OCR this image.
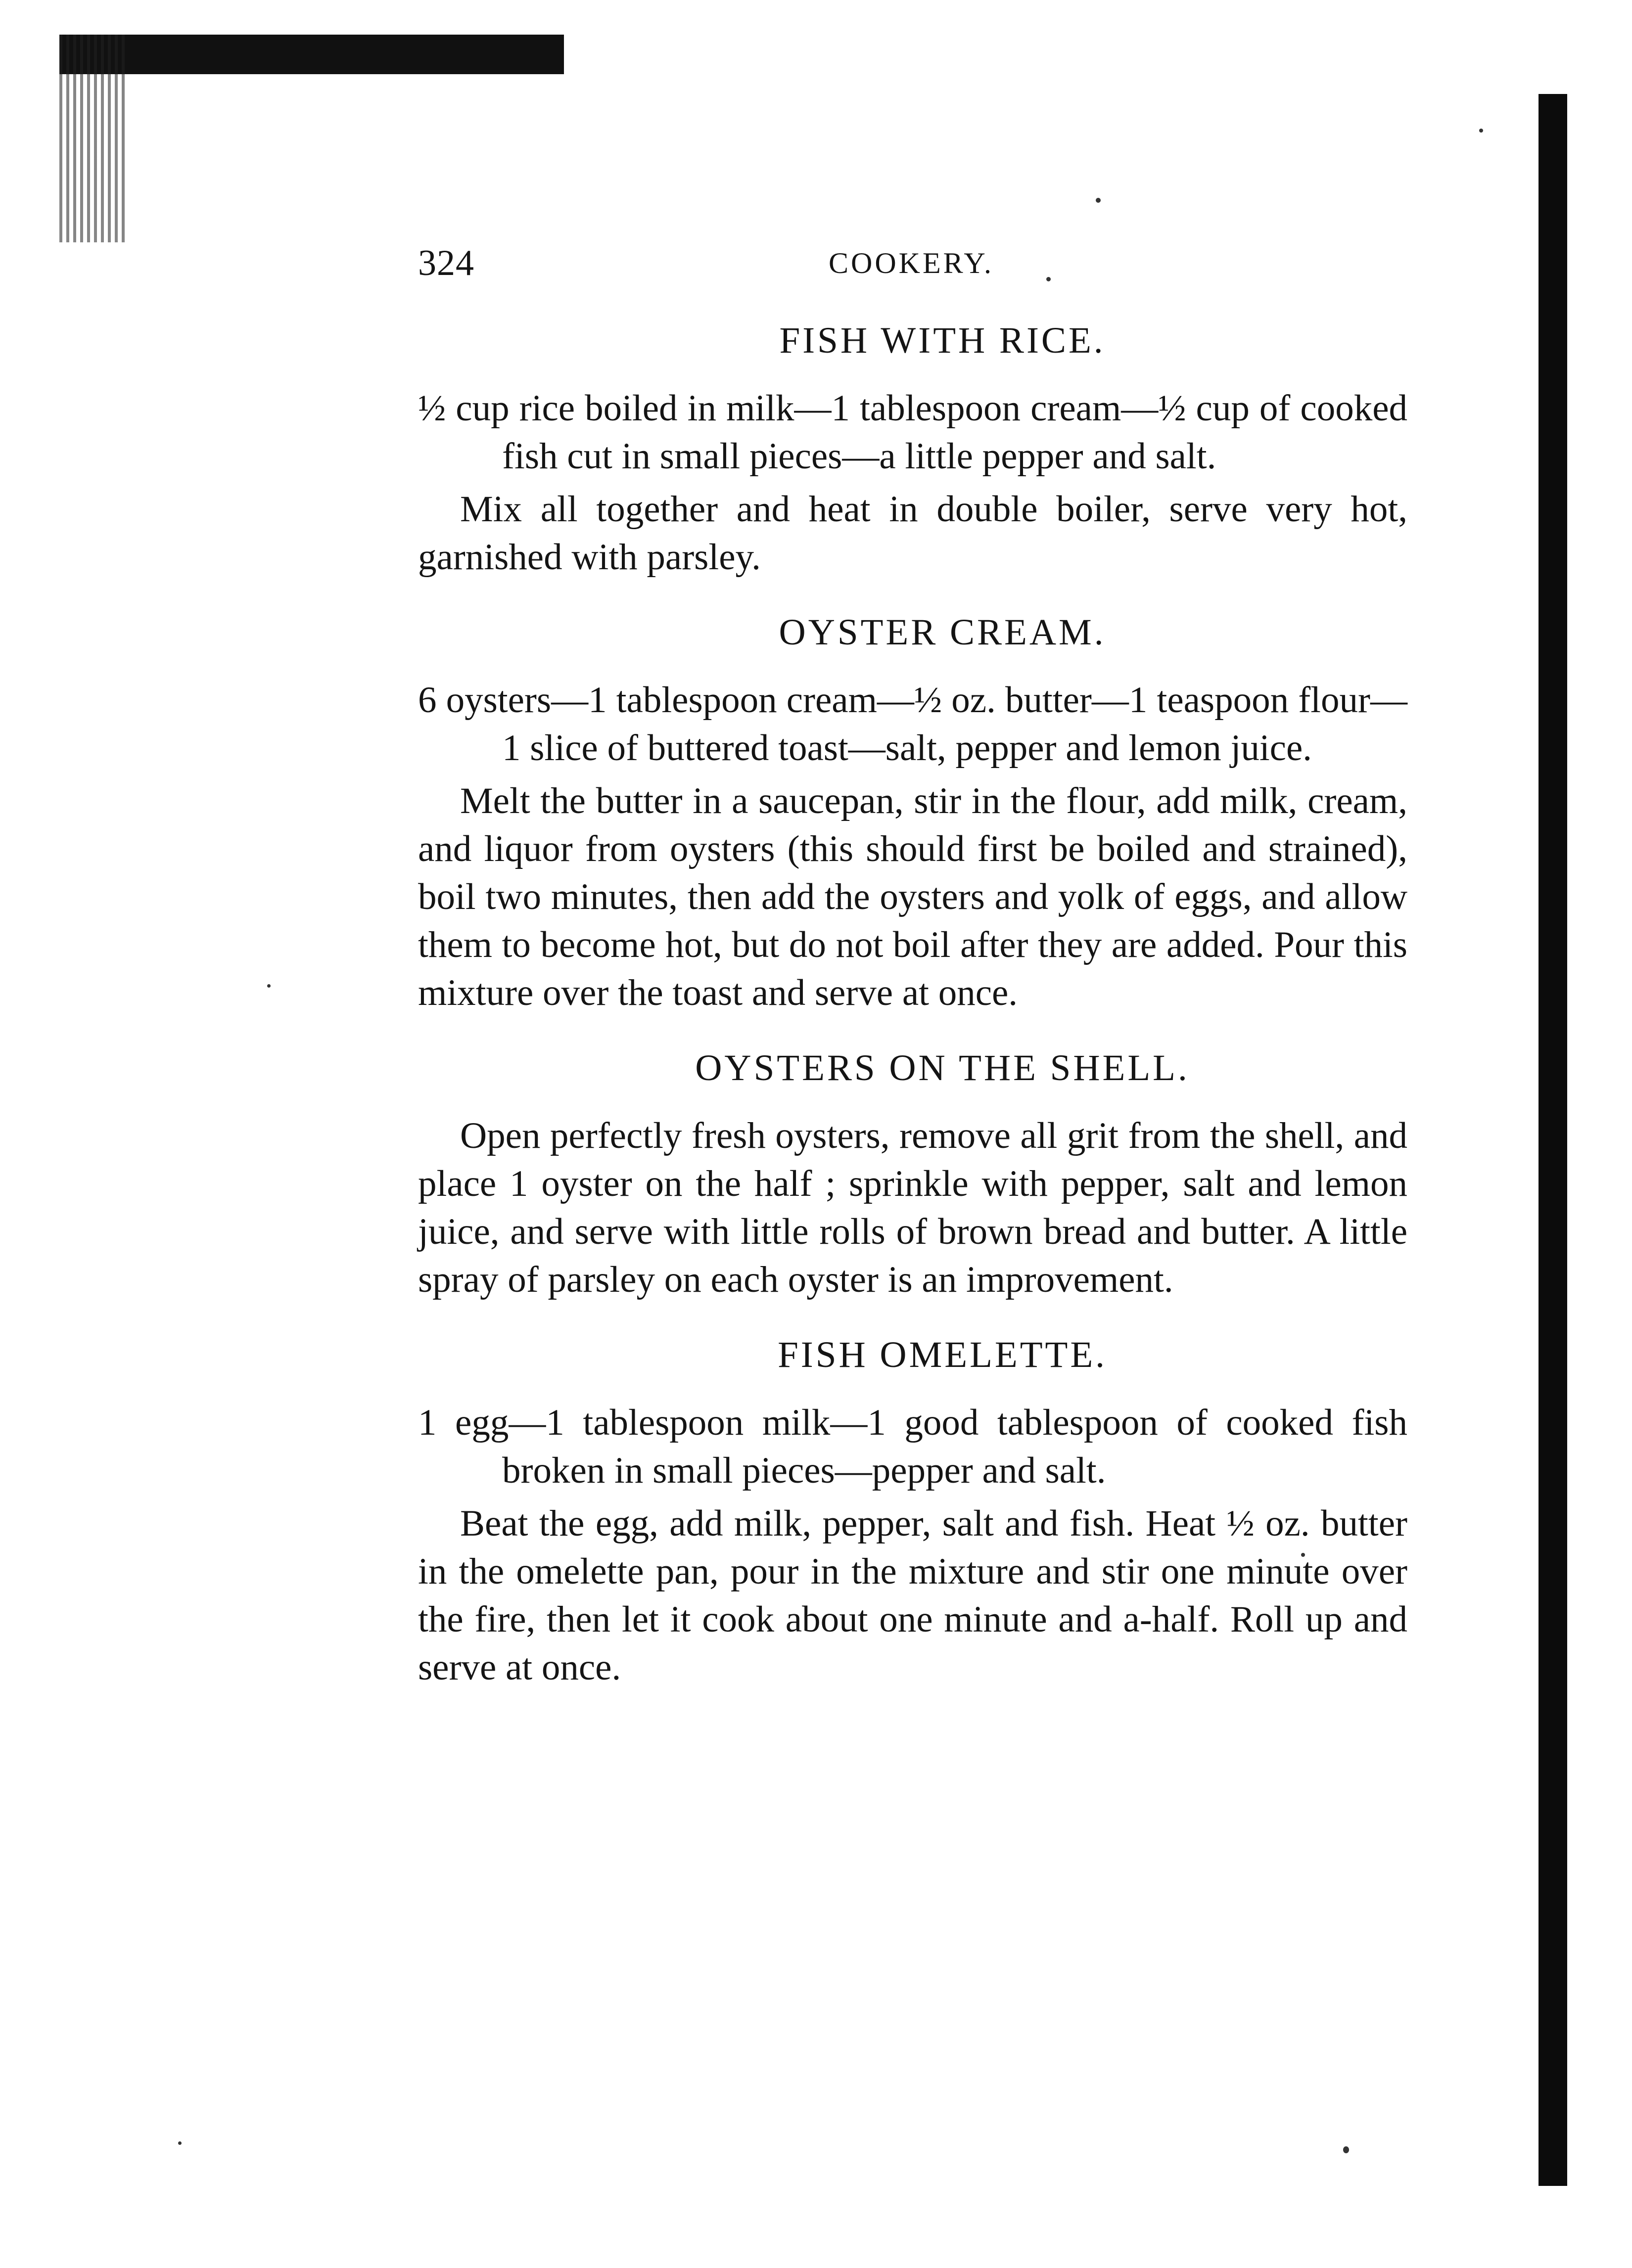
324	COOKERY.
FISH WITH RICE.

½ cup rice boiled in milk—1 tablespoon cream—½ cup of cooked fish cut in small pieces—a little pepper and salt.

Mix all together and heat in double boiler, serve very hot, garnished with parsley.

OYSTER CREAM.

6 oysters—1 tablespoon cream—½ oz. butter—1 teaspoon flour—1 slice of buttered toast—salt, pepper and lemon juice.

Melt the butter in a saucepan, stir in the flour, add milk, cream, and liquor from oysters (this should first be boiled and strained), boil two minutes, then add the oysters and yolk of eggs, and allow them to become hot, but do not boil after they are added. Pour this mixture over the toast and serve at once.

OYSTERS ON THE SHELL.

Open perfectly fresh oysters, remove all grit from the shell, and place 1 oyster on the half ; sprinkle with pepper, salt and lemon juice, and serve with little rolls of brown bread and butter. A little spray of parsley on each oyster is an improvement.

FISH OMELETTE.

1 egg—1 tablespoon milk—1 good tablespoon of cooked fish broken in small pieces—pepper and salt.

Beat the egg, add milk, pepper, salt and fish. Heat ½ oz. butter in the omelette pan, pour in the mixture and stir one minute over the fire, then let it cook about one minute and a-half. Roll up and serve at once.
